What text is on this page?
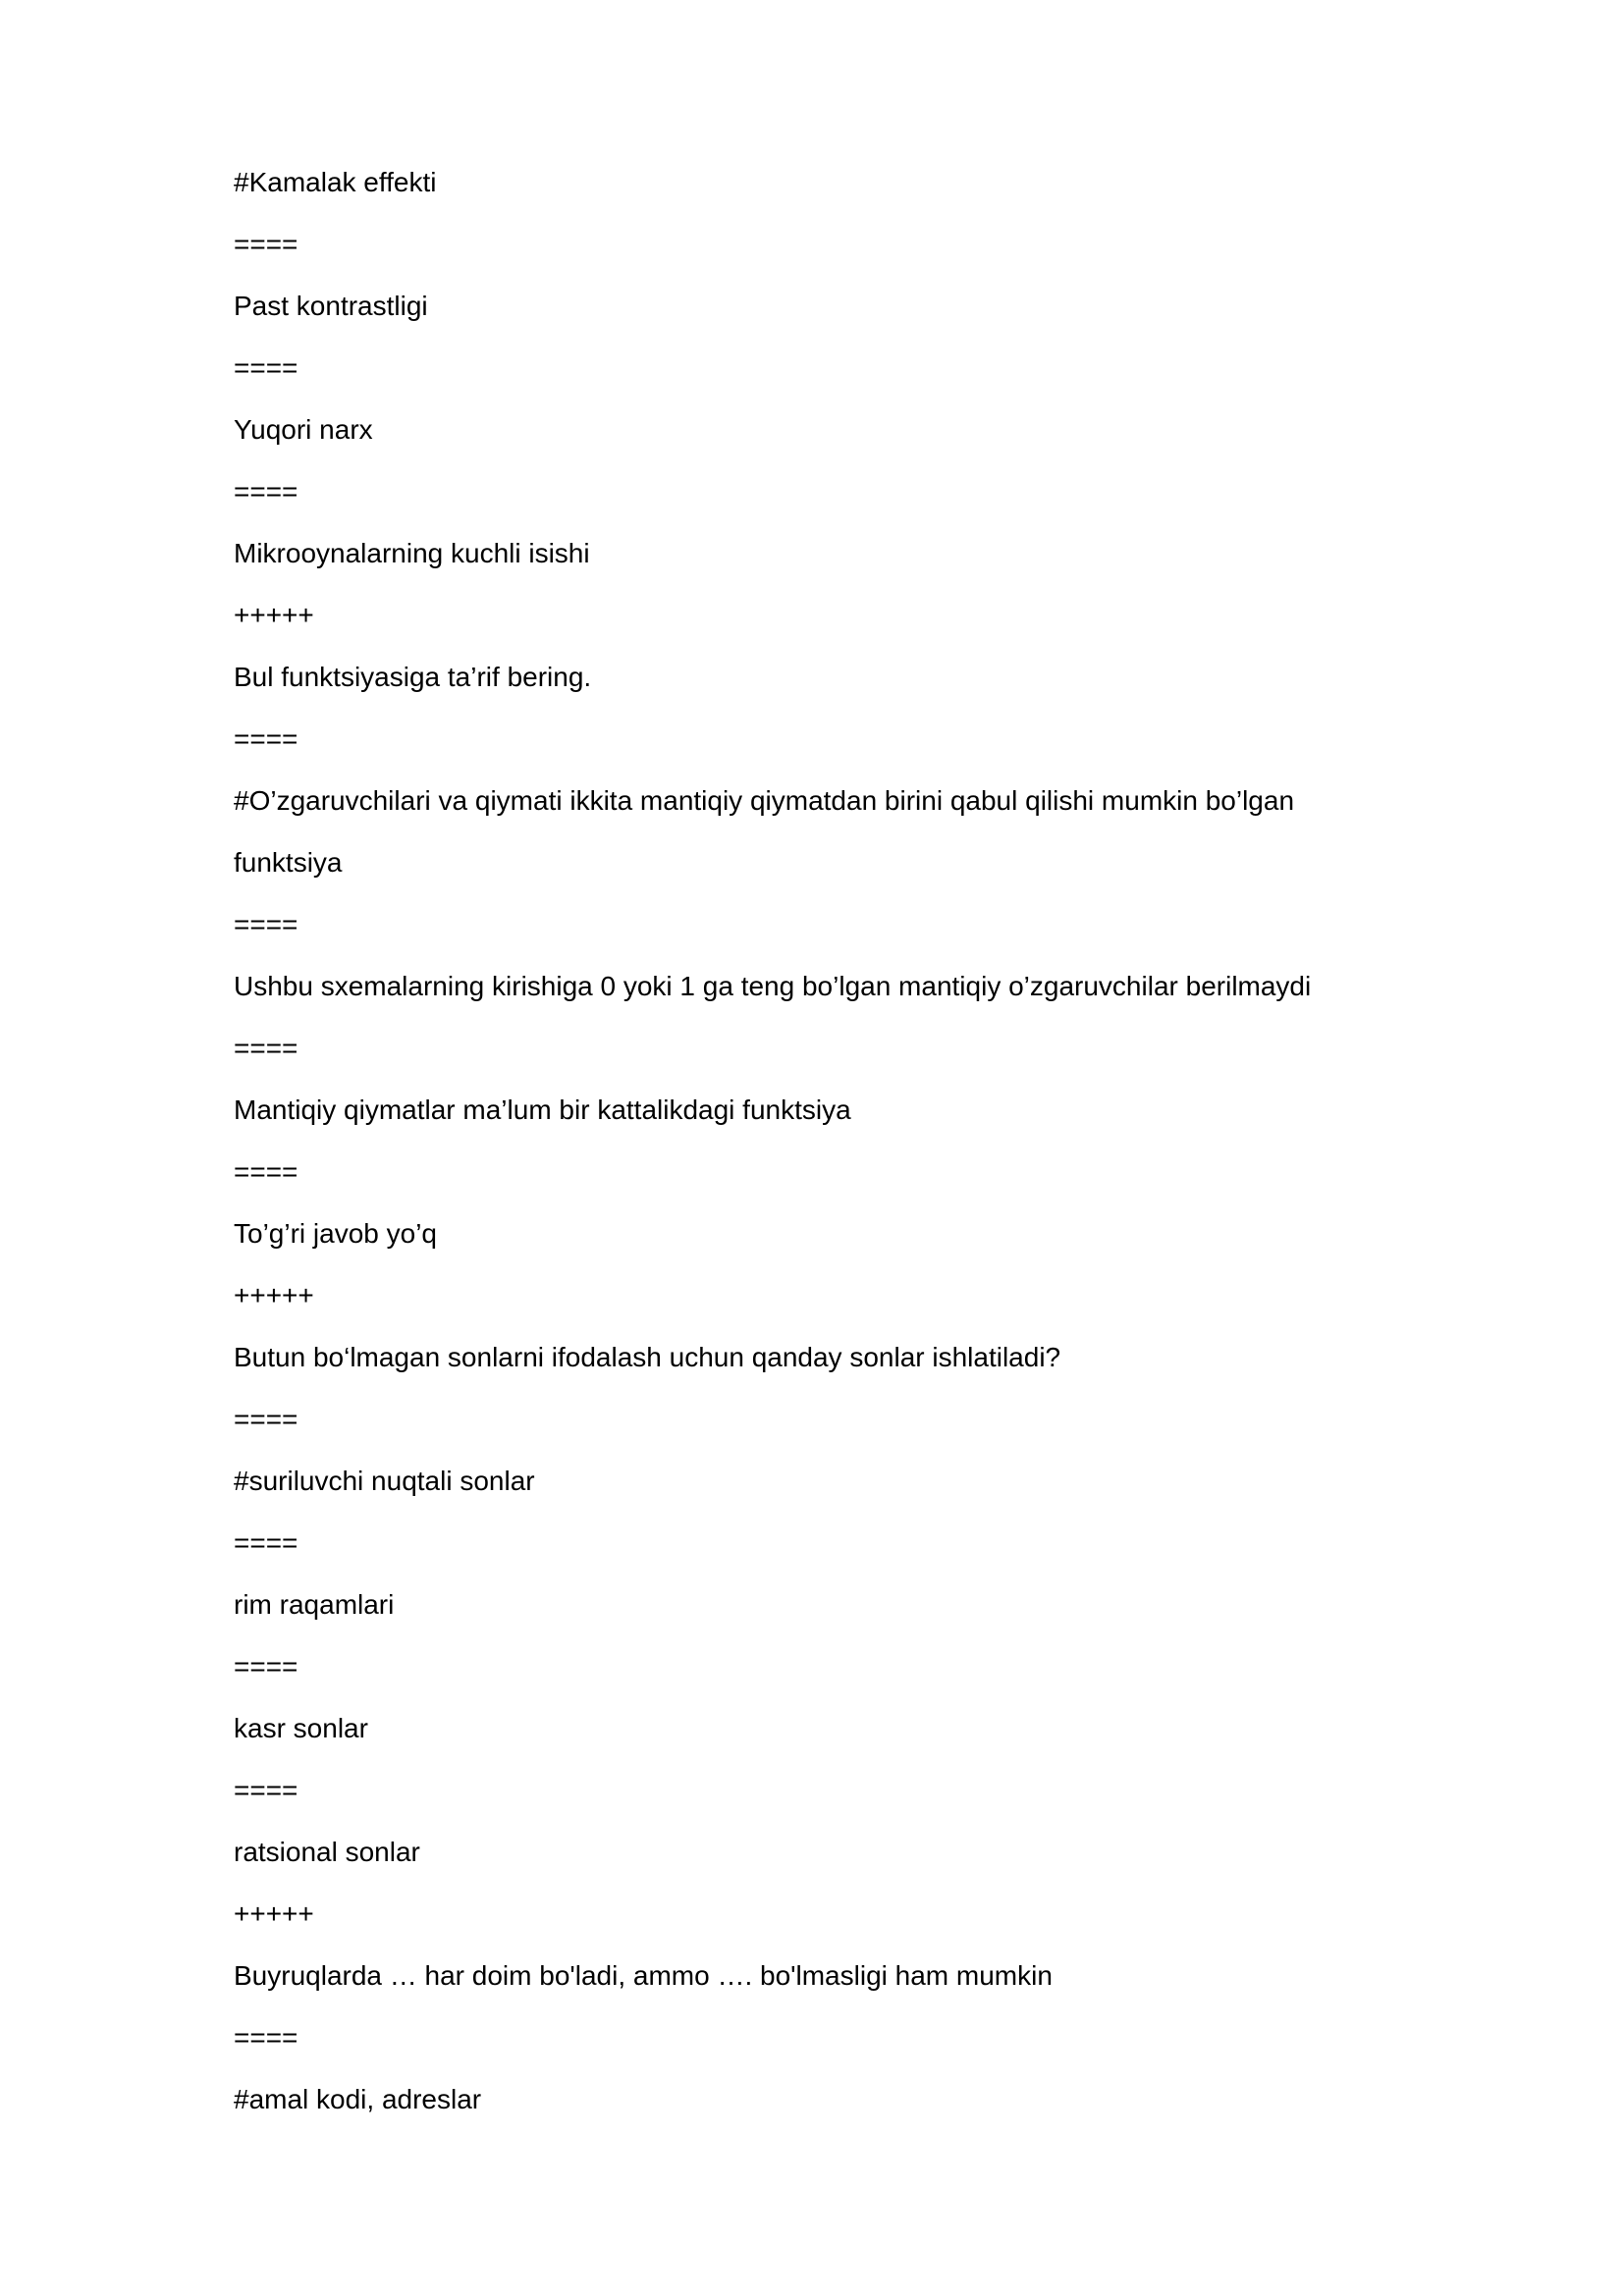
#Kamalak effekti

====

Past kontrastligi

====

Yuqori narx

====

Mikrooynalarning kuchli isishi

+++++

Bul funktsiyasiga ta’rif bering.

====

#O’zgaruvchilari va qiymati ikkita mantiqiy qiymatdan birini qabul qilishi mumkin bo’lgan funktsiya

====

Ushbu sxemalarning kirishiga 0 yoki 1 ga teng bo’lgan mantiqiy o’zgaruvchilar berilmaydi

====

Mantiqiy qiymatlar ma’lum bir kattalikdagi funktsiya

====

To’g’ri javob yo’q

+++++

Butun bo‘lmagan sonlarni ifodalash uchun qanday sonlar ishlatiladi?

====

#suriluvchi nuqtali sonlar

====

rim raqamlari

====

kasr sonlar

====

ratsional sonlar

+++++

Buyruqlarda … har doim bo'ladi, ammo …. bo'lmasligi ham mumkin

====

#amal kodi, adreslar
